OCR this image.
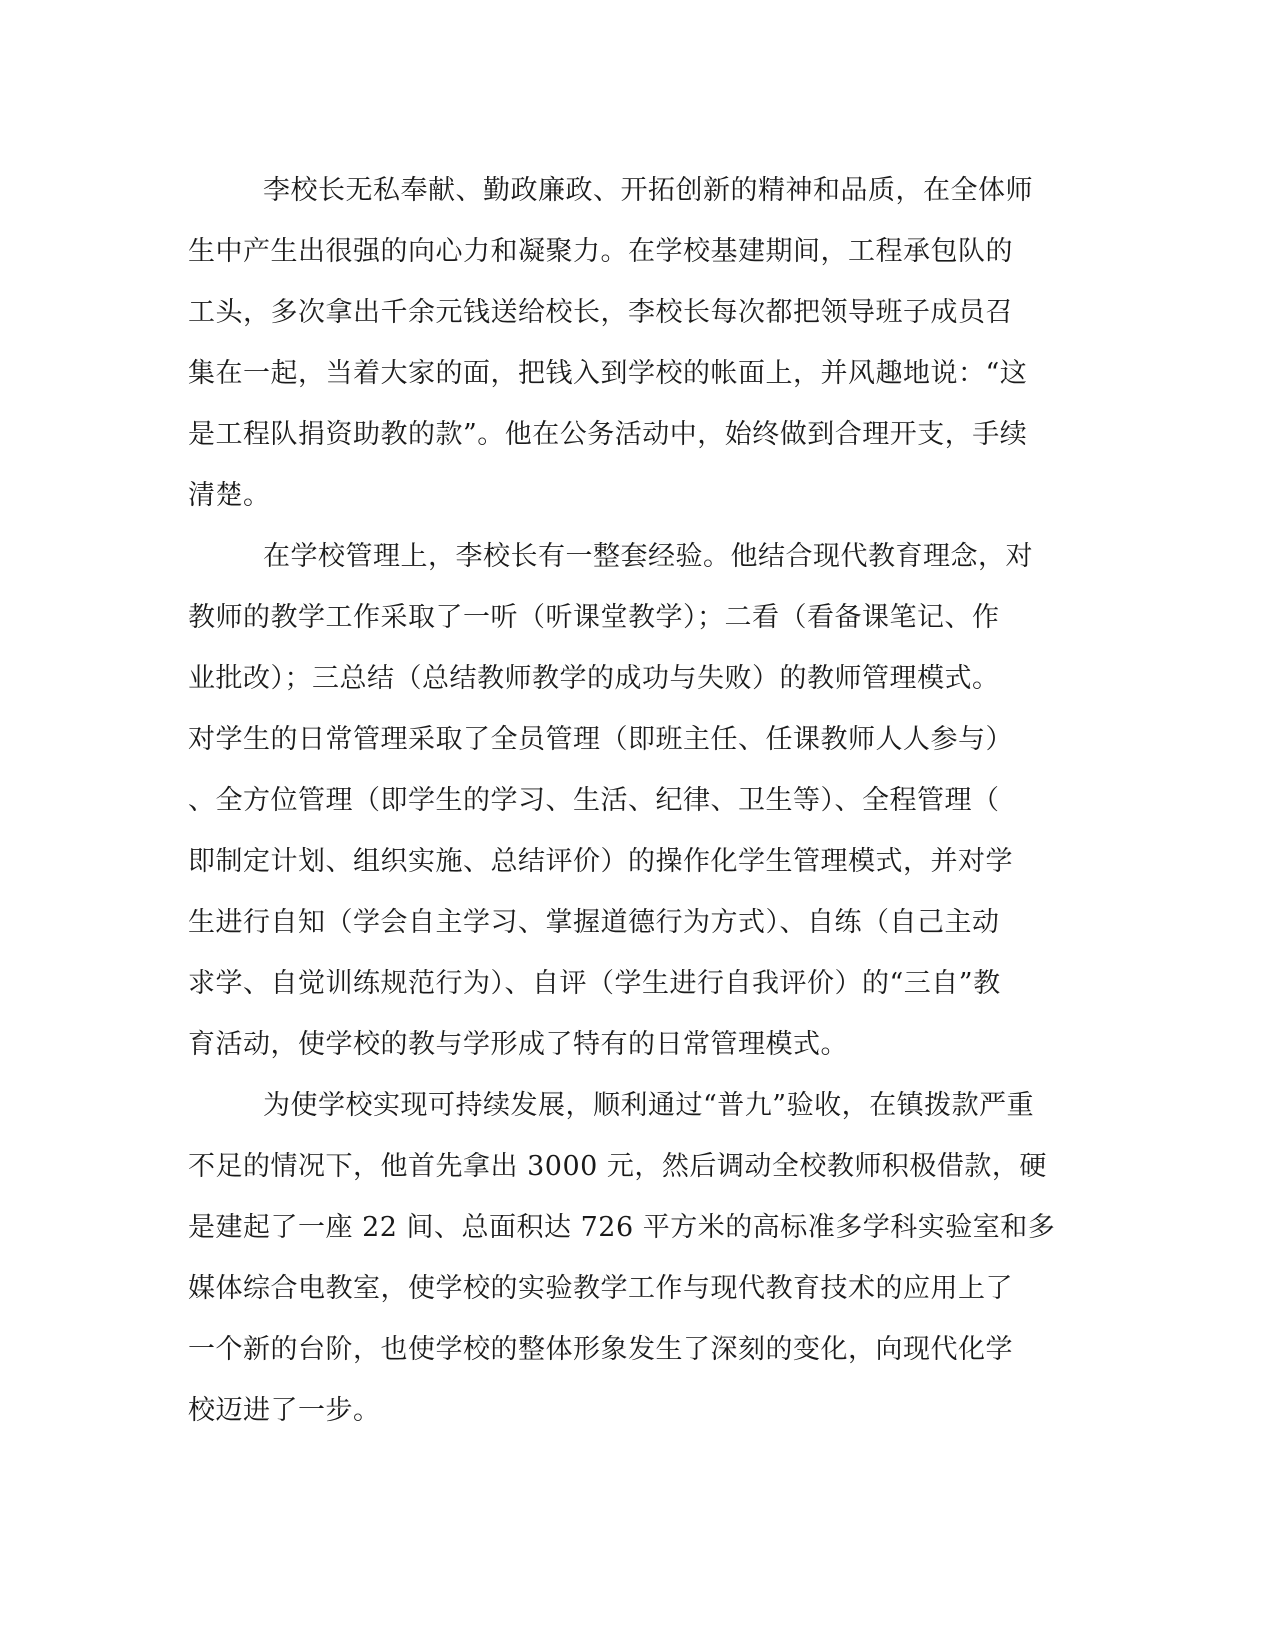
李校长无私奉献、勤政廉政、开拓创新的精神和品质，在全体师
生中产生出很强的向心力和凝聚力。在学校基建期间，工程承包队的
工头，多次拿出千余元钱送给校长，李校长每次都把领导班子成员召
集在一起，当着大家的面，把钱入到学校的帐面上，并风趣地说：“这
是工程队捐资助教的款”。他在公务活动中，始终做到合理开支，手续
清楚。
在学校管理上，李校长有一整套经验。他结合现代教育理念，对
教师的教学工作采取了一听（听课堂教学）；二看（看备课笔记、作
业批改）；三总结（总结教师教学的成功与失败）的教师管理模式。
对学生的日常管理采取了全员管理（即班主任、任课教师人人参与）
、全方位管理（即学生的学习、生活、纪律、卫生等）、全程管理（
即制定计划、组织实施、总结评价）的操作化学生管理模式，并对学
生进行自知（学会自主学习、掌握道德行为方式）、自练（自己主动
求学、自觉训练规范行为）、自评（学生进行自我评价）的“三自”教
育活动，使学校的教与学形成了特有的日常管理模式。
为使学校实现可持续发展，顺利通过“普九”验收，在镇拨款严重
不足的情况下，他首先拿出 3000 元，然后调动全校教师积极借款，硬
是建起了一座 22 间、总面积达 726 平方米的高标准多学科实验室和多
媒体综合电教室，使学校的实验教学工作与现代教育技术的应用上了
一个新的台阶，也使学校的整体形象发生了深刻的变化，向现代化学
校迈进了一步。
